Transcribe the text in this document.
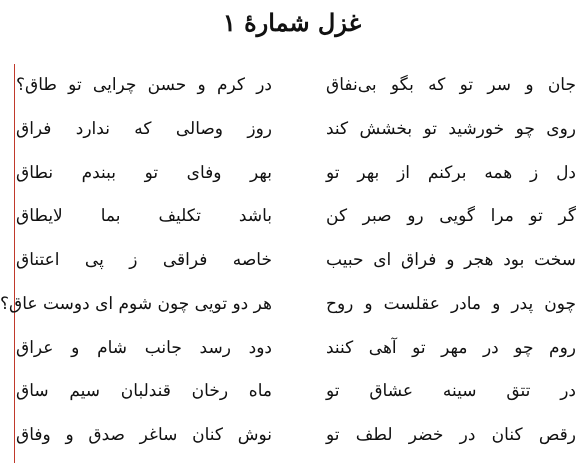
غزل شمارهٔ ۱
جان و سر تو که بگو بی‌نفاق
در کرم و حسن چرایی تو طاق؟
روی چو خورشید تو بخشش کند
روز وصالی که ندارد فراق
دل ز همه برکنم از بهر تو
بهر وفای تو ببندم نطاق
گر تو مرا گویی رو صبر کن
باشد تکلیف بما لایطاق
سخت بود هجر و فراق ای حبیب
خاصه فراقی ز پی اعتناق
چون پدر و مادر عقلست و روح
هر دو تویی چون شوم ای دوست عاق؟
روم چو در مهر تو آهی کنند
دود رسد جانب شام و عراق
در تتق سینه عشاق تو
ماه رخان قندلبان سیم ساق
رقص کنان در خضر لطف تو
نوش کنان ساغر صدق و وفاق
